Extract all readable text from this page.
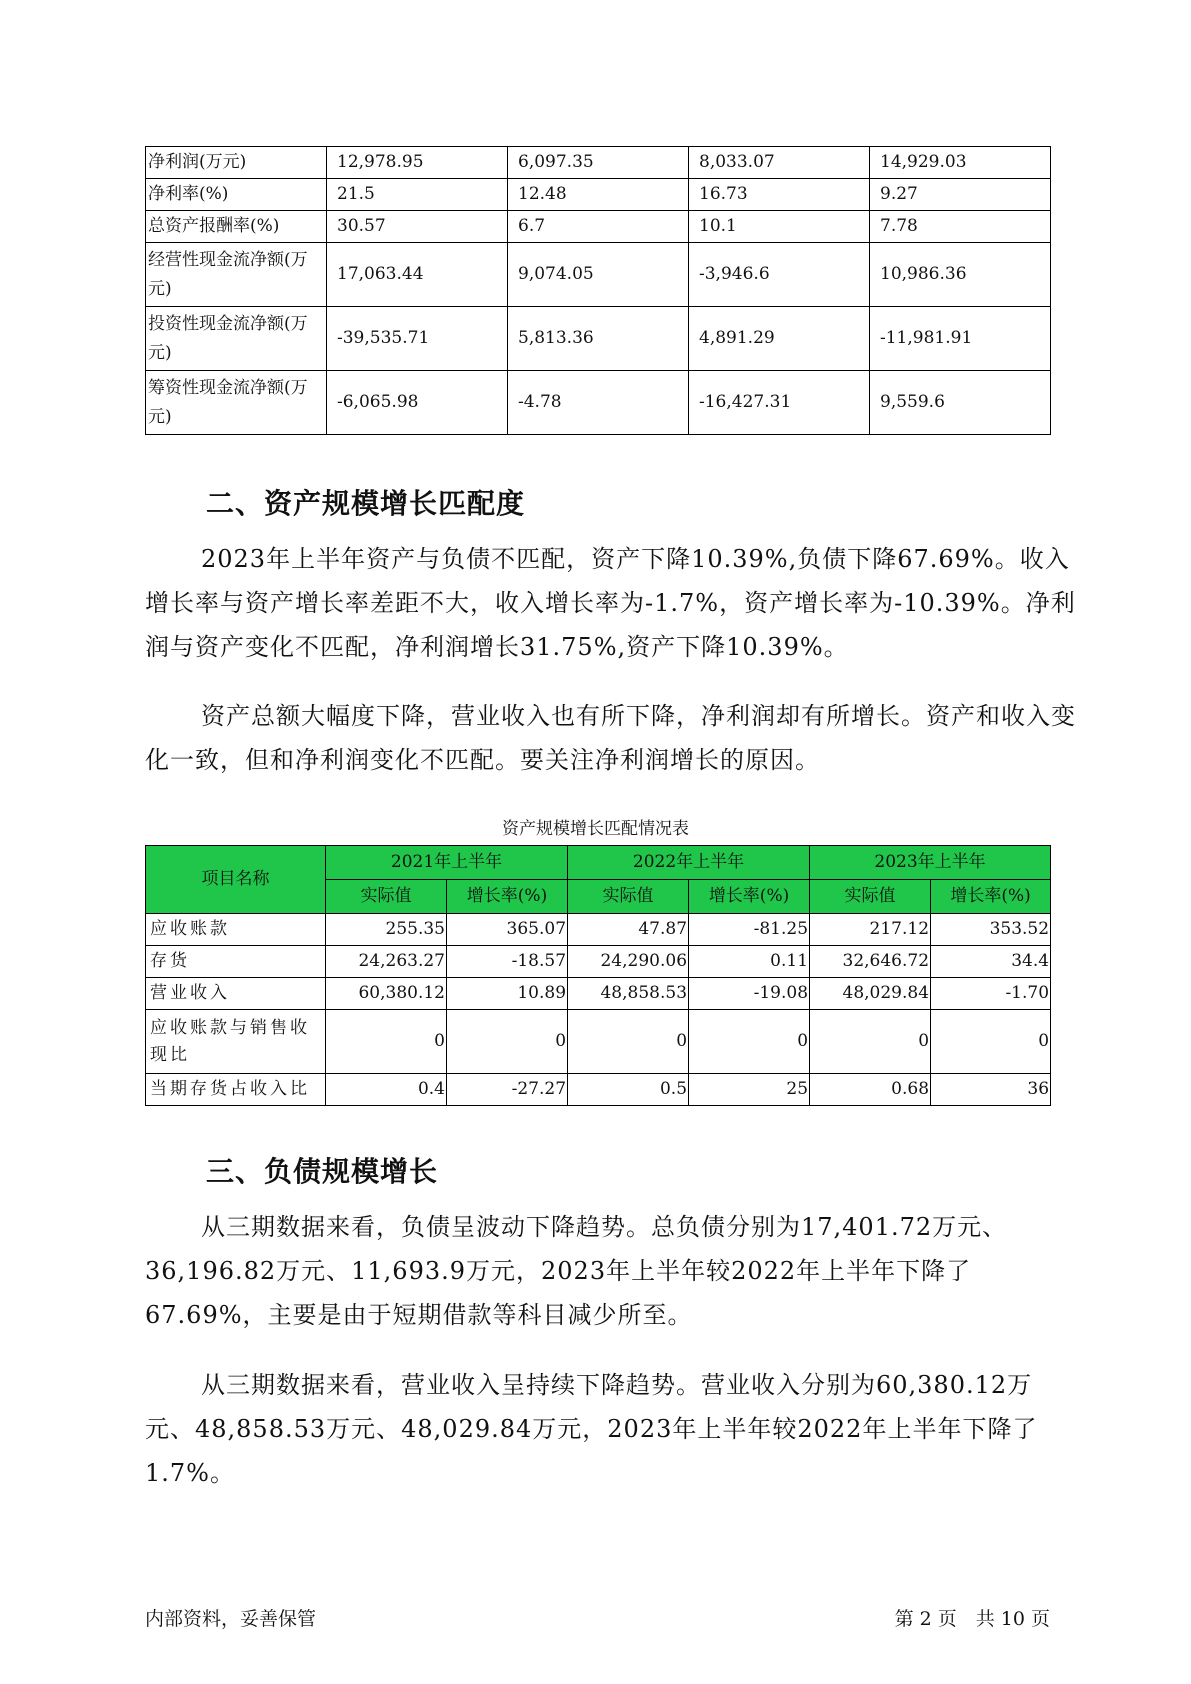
净利润(万元)	12,978.95	6,097.35	8,033.07	14,929.03
净利率(%)	21.5	12.48	16.73	9.27
总资产报酬率(%)	30.57	6.7	10.1	7.78
经营性现金流净额(万元)	17,063.44	9,074.05	-3,946.6	10,986.36
投资性现金流净额(万元)	-39,535.71	5,813.36	4,891.29	-11,981.91
筹资性现金流净额(万元)	-6,065.98	-4.78	-16,427.31	9,559.6
二、资产规模增长匹配度

2023年上半年资产与负债不匹配，资产下降10.39%,负债下降67.69%。收入增长率与资产增长率差距不大，收入增长率为-1.7%，资产增长率为-10.39%。净利润与资产变化不匹配，净利润增长31.75%,资产下降10.39%。

资产总额大幅度下降，营业收入也有所下降，净利润却有所增长。资产和收入变化一致，但和净利润变化不匹配。要关注净利润增长的原因。

资产规模增长匹配情况表
项目名称	2021年上半年		2022年上半年		2023年上半年	
	实际值	增长率(%)	实际值	增长率(%)	实际值	增长率(%)
应收账款	255.35	365.07	47.87	-81.25	217.12	353.52
存货	24,263.27	-18.57	24,290.06	0.11	32,646.72	34.4
营业收入	60,380.12	10.89	48,858.53	-19.08	48,029.84	-1.70
应收账款与销售收现比	0	0	0	0	0	0
当期存货占收入比	0.4	-27.27	0.5	25	0.68	36
三、负债规模增长

从三期数据来看，负债呈波动下降趋势。总负债分别为17,401.72万元、36,196.82万元、11,693.9万元，2023年上半年较2022年上半年下降了67.69%，主要是由于短期借款等科目减少所至。

从三期数据来看，营业收入呈持续下降趋势。营业收入分别为60,380.12万元、48,858.53万元、48,029.84万元，2023年上半年较2022年上半年下降了1.7%。

内部资料，妥善保管	第 2 页　共 10 页
